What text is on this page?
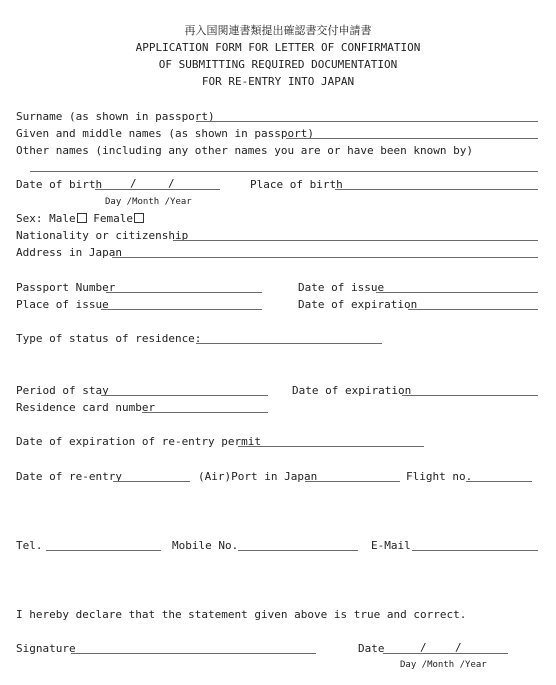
再入国関連書類提出確認書交付申請書
APPLICATION FORM FOR LETTER OF CONFIRMATION
OF SUBMITTING REQUIRED DOCUMENTATION
FOR RE-ENTRY INTO JAPAN
Surname (as shown in passport)
Given and middle names (as shown in passport)
Other names (including any other names you are or have been known by)
Date of birth	/	/	Place of birth
Day /Month /Year
Sex: Male Female
Nationality or citizenship
Address in Japan
Passport Number	Date of issue
Place of issue	Date of expiration
Type of status of residence:
Period of stay	Date of expiration
Residence card number
Date of expiration of re-entry permit
Date of re-entry	(Air)Port in Japan	Flight no.
Tel.	Mobile No.	E-Mail
I hereby declare that the statement given above is true and correct.
Signature	Date	/	/
Day /Month /Year
